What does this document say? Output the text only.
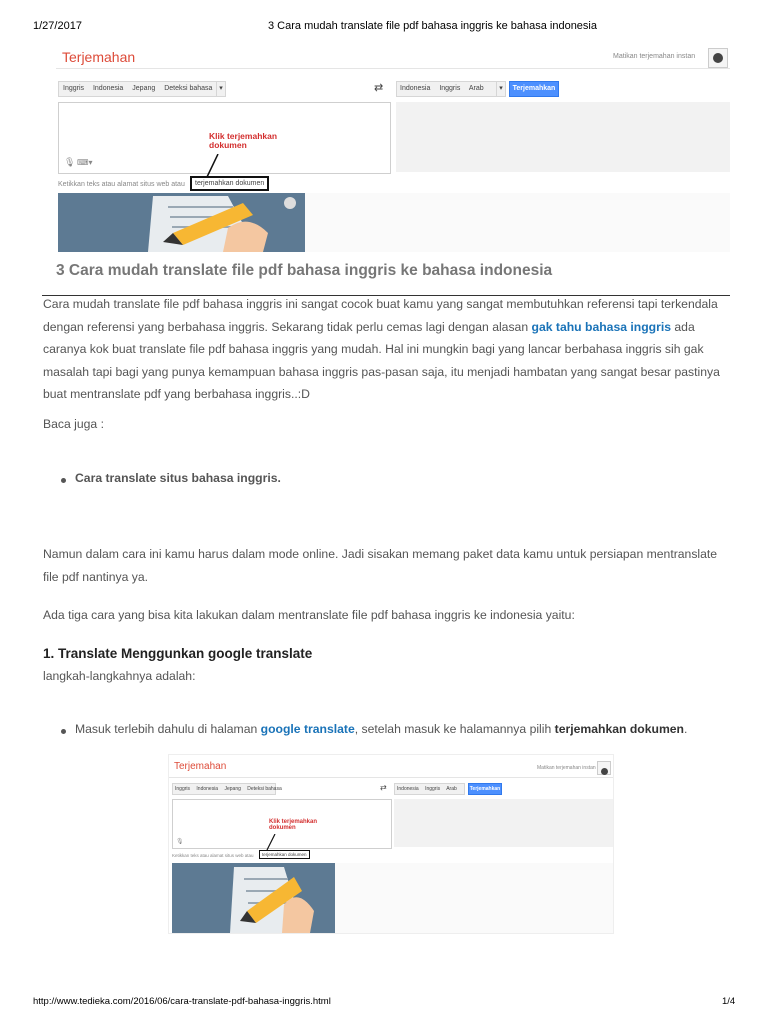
1/27/2017	3 Cara mudah translate file pdf bahasa inggris ke bahasa indonesia
Terjemahan	Matikan terjemahan instan
Inggris Indonesia Jepang Deteksi bahasa ▾	⇄	Indonesia Inggris Arab	▾	Terjemahkan
🎙 ⌨▾
Klik terjemahkan dokumen
Ketikkan teks atau alamat situs web atau	terjemahkan dokumen
3 Cara mudah translate file pdf bahasa inggris ke bahasa indonesia
Cara mudah translate file pdf bahasa inggris ini sangat cocok buat kamu yang sangat membutuhkan referensi tapi terkendala dengan referensi yang berbahasa inggris. Sekarang tidak perlu cemas lagi dengan alasan gak tahu bahasa inggris ada caranya kok buat translate file pdf bahasa inggris yang mudah. Hal ini mungkin bagi yang lancar berbahasa inggris sih gak masalah tapi bagi yang punya kemampuan bahasa inggris pas-pasan saja, itu menjadi hambatan yang sangat besar pastinya buat mentranslate pdf yang berbahasa inggris..:D
Baca juga :
Cara translate situs bahasa inggris.
Namun dalam cara ini kamu harus dalam mode online. Jadi sisakan memang paket data kamu untuk persiapan mentranslate file pdf nantinya ya.
Ada tiga cara yang bisa kita lakukan dalam mentranslate file pdf bahasa inggris ke indonesia yaitu:
1. Translate Menggunkan google translate
langkah-langkahnya adalah:
Masuk terlebih dahulu di halaman google translate, setelah masuk ke halamannya pilih terjemahkan dokumen.
Terjemahan	Matikan terjemahan instan
Inggris Indonesia Jepang Deteksi bahasa	⇄	Indonesia Inggris Arab	Terjemahkan
🎙
Klik terjemahkan dokumen
Ketikkan teks atau alamat situs web atau	terjemahkan dokumen
http://www.tedieka.com/2016/06/cara-translate-pdf-bahasa-inggris.html	1/4
